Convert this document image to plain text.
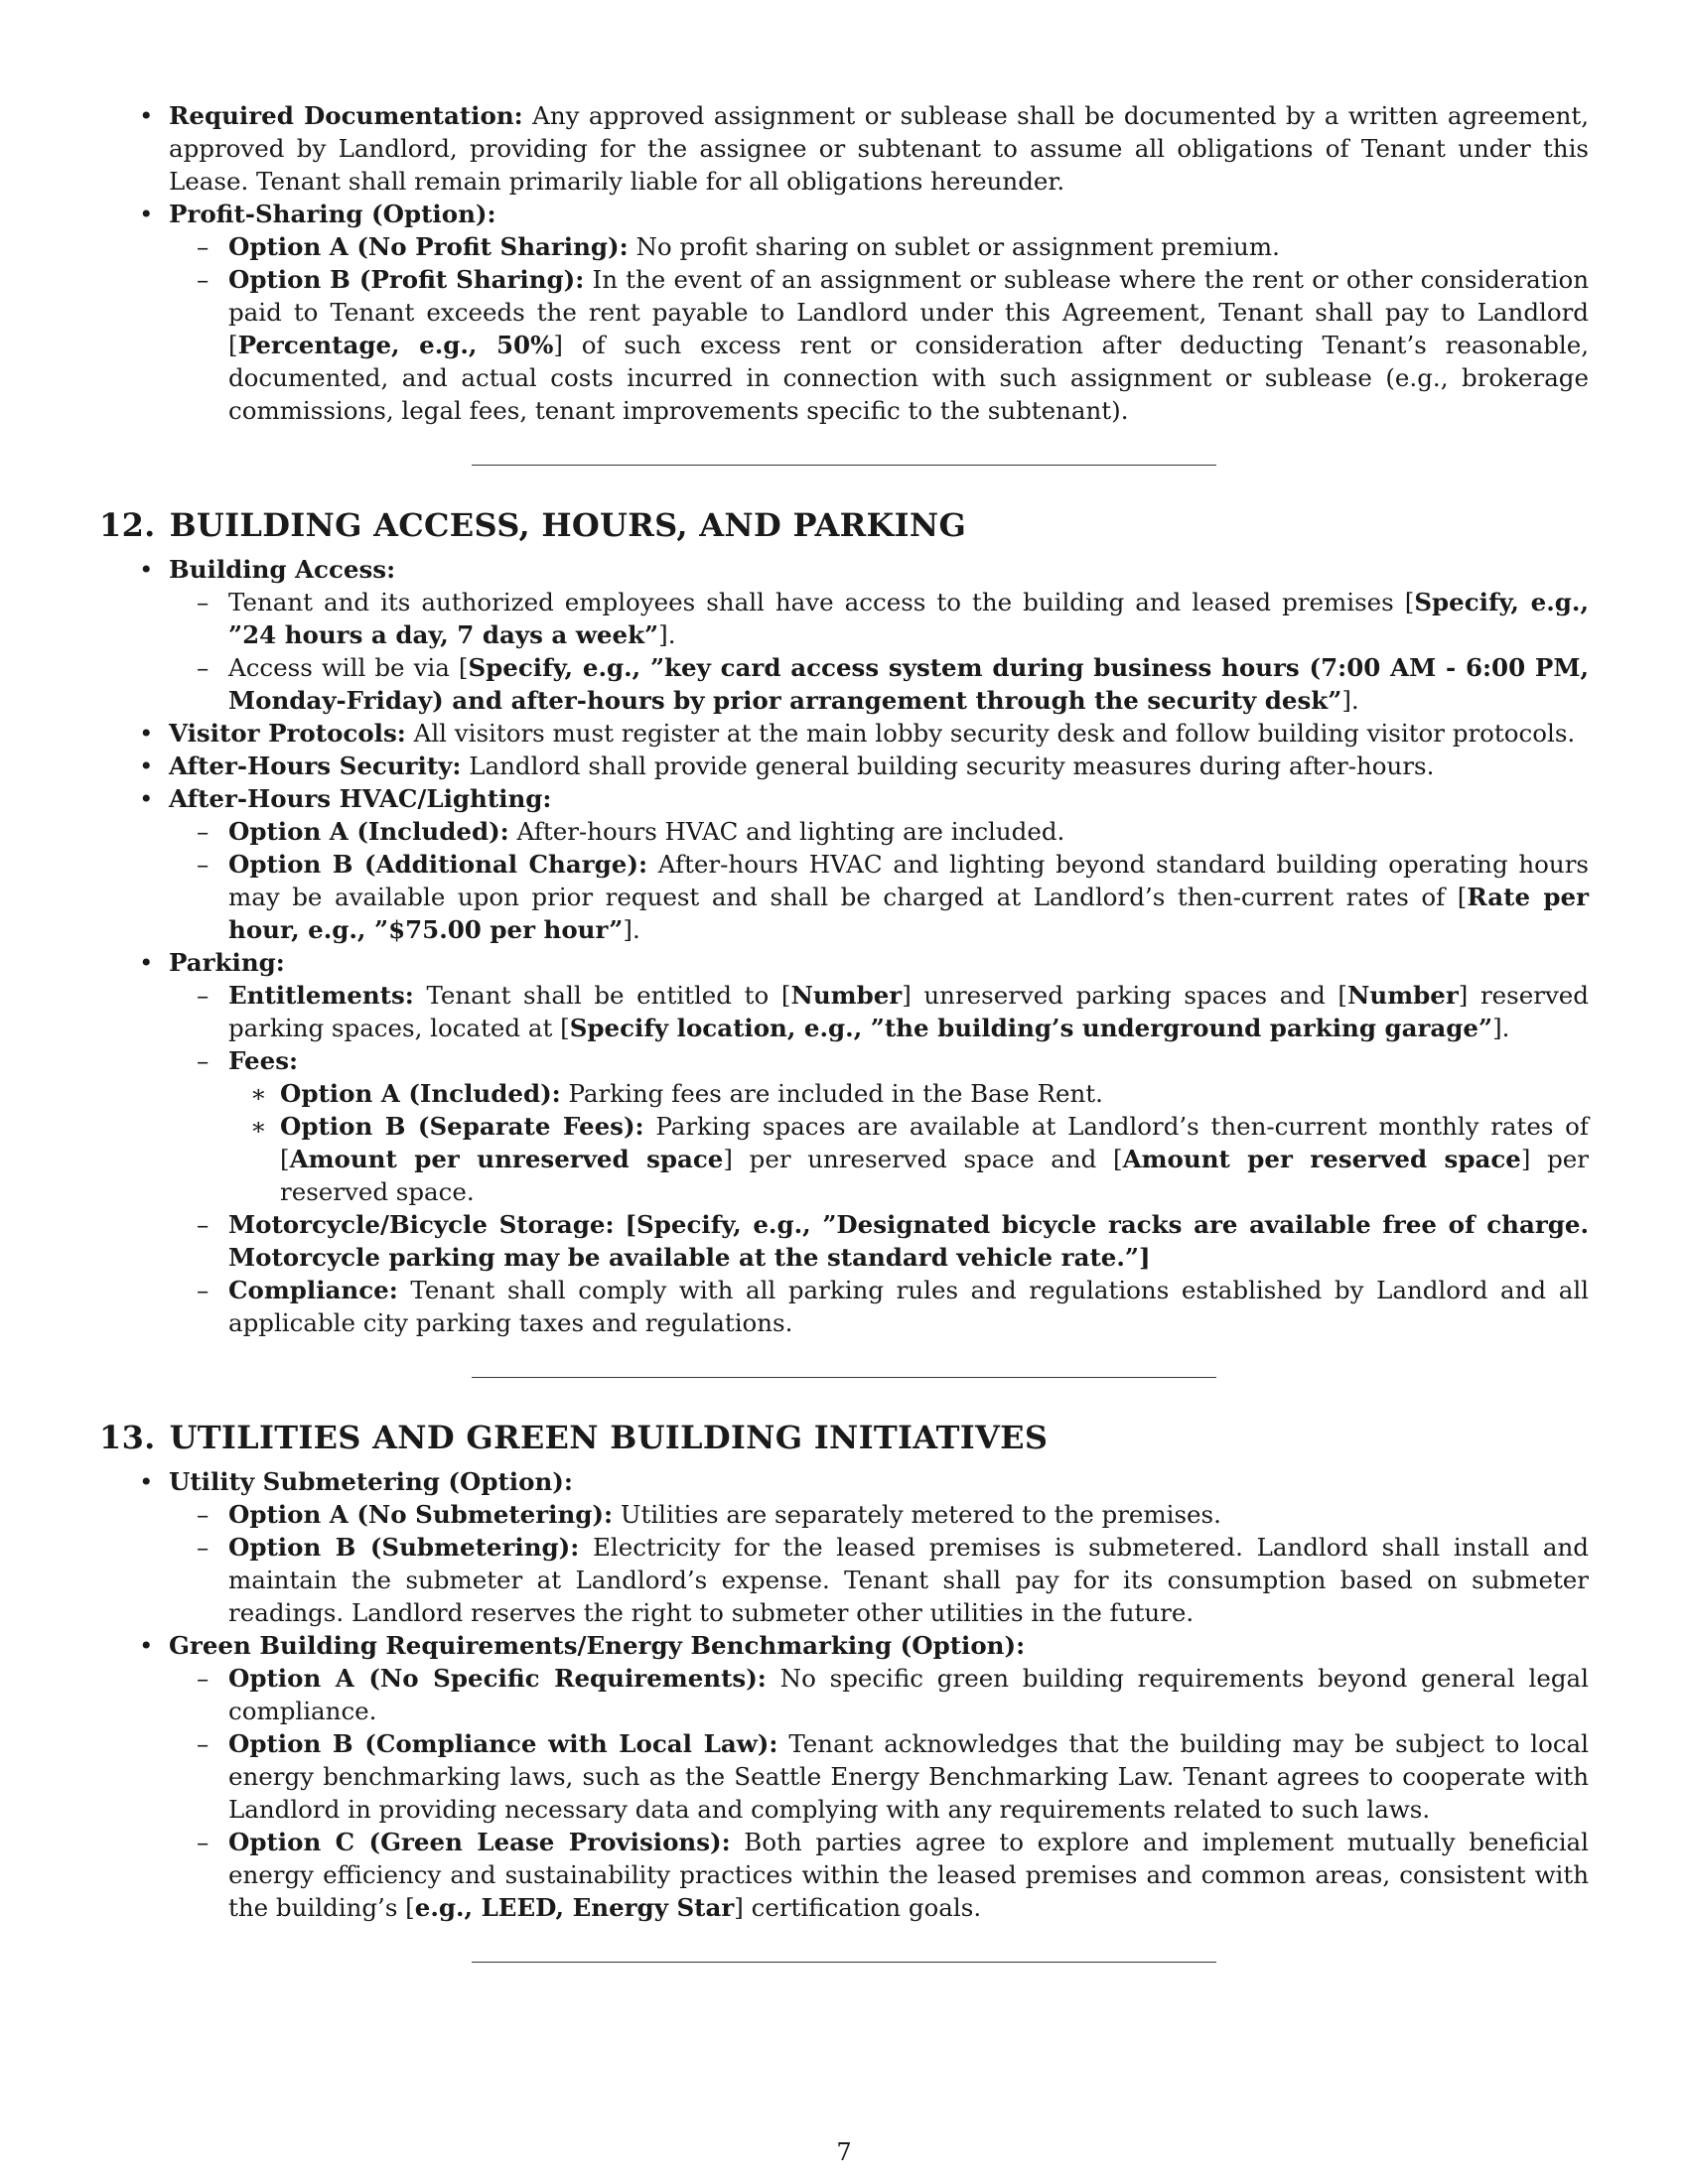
• Required Documentation: Any approved assignment or sublease shall be documented by a written agreement, approved by Landlord, providing for the assignee or subtenant to assume all obligations of Tenant under this Lease. Tenant shall remain primarily liable for all obligations hereunder.
• Profit-Sharing (Option):
– Option A (No Profit Sharing): No profit sharing on sublet or assignment premium.
– Option B (Profit Sharing): In the event of an assignment or sublease where the rent or other consideration paid to Tenant exceeds the rent payable to Landlord under this Agreement, Tenant shall pay to Landlord [Percentage, e.g., 50%] of such excess rent or consideration after deducting Tenant’s reasonable, documented, and actual costs incurred in connection with such assignment or sublease (e.g., brokerage commissions, legal fees, tenant improvements specific to the subtenant).
12. BUILDING ACCESS, HOURS, AND PARKING
• Building Access:
– Tenant and its authorized employees shall have access to the building and leased premises [Specify, e.g., ”24 hours a day, 7 days a week”].
– Access will be via [Specify, e.g., ”key card access system during business hours (7:00 AM - 6:00 PM, Monday-Friday) and after-hours by prior arrangement through the security desk”].
• Visitor Protocols: All visitors must register at the main lobby security desk and follow building visitor protocols.
• After-Hours Security: Landlord shall provide general building security measures during after-hours.
• After-Hours HVAC/Lighting:
– Option A (Included): After-hours HVAC and lighting are included.
– Option B (Additional Charge): After-hours HVAC and lighting beyond standard building operating hours may be available upon prior request and shall be charged at Landlord’s then-current rates of [Rate per hour, e.g., ”$75.00 per hour”].
• Parking:
– Entitlements: Tenant shall be entitled to [Number] unreserved parking spaces and [Number] reserved parking spaces, located at [Specify location, e.g., ”the building’s underground parking garage”].
– Fees:
∗ Option A (Included): Parking fees are included in the Base Rent.
∗ Option B (Separate Fees): Parking spaces are available at Landlord’s then-current monthly rates of [Amount per unreserved space] per unreserved space and [Amount per reserved space] per reserved space.
– Motorcycle/Bicycle Storage: [Specify, e.g., ”Designated bicycle racks are available free of charge. Motorcycle parking may be available at the standard vehicle rate.”]
– Compliance: Tenant shall comply with all parking rules and regulations established by Landlord and all applicable city parking taxes and regulations.
13. UTILITIES AND GREEN BUILDING INITIATIVES
• Utility Submetering (Option):
– Option A (No Submetering): Utilities are separately metered to the premises.
– Option B (Submetering): Electricity for the leased premises is submetered. Landlord shall install and maintain the submeter at Landlord’s expense. Tenant shall pay for its consumption based on submeter readings. Landlord reserves the right to submeter other utilities in the future.
• Green Building Requirements/Energy Benchmarking (Option):
– Option A (No Specific Requirements): No specific green building requirements beyond general legal compliance.
– Option B (Compliance with Local Law): Tenant acknowledges that the building may be subject to local energy benchmarking laws, such as the Seattle Energy Benchmarking Law. Tenant agrees to cooperate with Landlord in providing necessary data and complying with any requirements related to such laws.
– Option C (Green Lease Provisions): Both parties agree to explore and implement mutually beneficial energy efficiency and sustainability practices within the leased premises and common areas, consistent with the building’s [e.g., LEED, Energy Star] certification goals.
7
